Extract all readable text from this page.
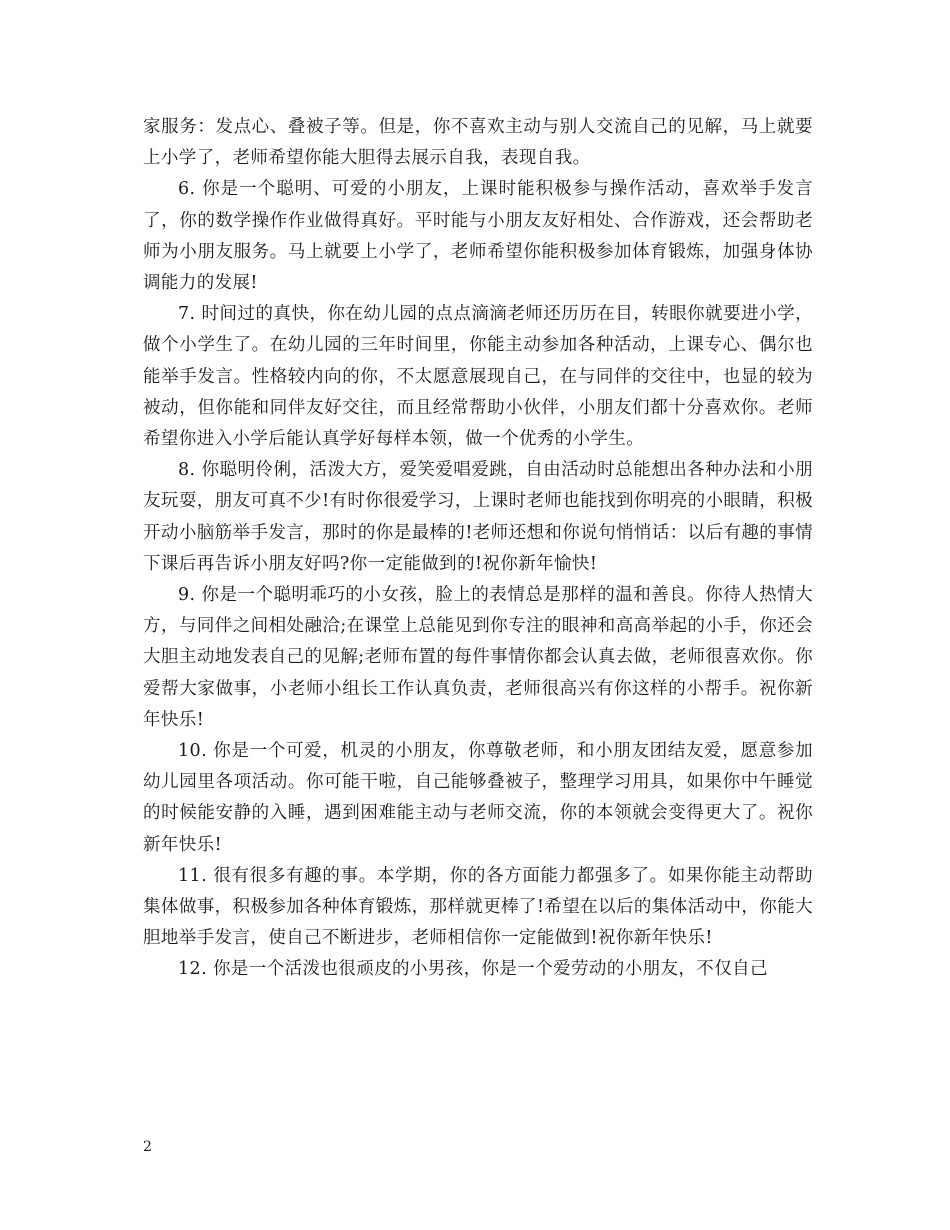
家服务：发点心、叠被子等。但是，你不喜欢主动与别人交流自己的见解，马上就要上小学了，老师希望你能大胆得去展示自我，表现自我。

6. 你是一个聪明、可爱的小朋友，上课时能积极参与操作活动，喜欢举手发言了，你的数学操作作业做得真好。平时能与小朋友友好相处、合作游戏，还会帮助老师为小朋友服务。马上就要上小学了，老师希望你能积极参加体育锻炼，加强身体协调能力的发展!

7. 时间过的真快，你在幼儿园的点点滴滴老师还历历在目，转眼你就要进小学，做个小学生了。在幼儿园的三年时间里，你能主动参加各种活动，上课专心、偶尔也能举手发言。性格较内向的你，不太愿意展现自己，在与同伴的交往中，也显的较为被动，但你能和同伴友好交往，而且经常帮助小伙伴，小朋友们都十分喜欢你。老师希望你进入小学后能认真学好每样本领，做一个优秀的小学生。

8. 你聪明伶俐，活泼大方，爱笑爱唱爱跳，自由活动时总能想出各种办法和小朋友玩耍，朋友可真不少!有时你很爱学习，上课时老师也能找到你明亮的小眼睛，积极开动小脑筋举手发言，那时的你是最棒的!老师还想和你说句悄悄话：以后有趣的事情下课后再告诉小朋友好吗?你一定能做到的!祝你新年愉快!

9. 你是一个聪明乖巧的小女孩，脸上的表情总是那样的温和善良。你待人热情大方，与同伴之间相处融洽;在课堂上总能见到你专注的眼神和高高举起的小手，你还会大胆主动地发表自己的见解;老师布置的每件事情你都会认真去做，老师很喜欢你。你爱帮大家做事，小老师小组长工作认真负责，老师很高兴有你这样的小帮手。祝你新年快乐!

10. 你是一个可爱，机灵的小朋友，你尊敬老师，和小朋友团结友爱，愿意参加幼儿园里各项活动。你可能干啦，自己能够叠被子，整理学习用具，如果你中午睡觉的时候能安静的入睡，遇到困难能主动与老师交流，你的本领就会变得更大了。祝你新年快乐!

11. 很有很多有趣的事。本学期，你的各方面能力都强多了。如果你能主动帮助集体做事，积极参加各种体育锻炼，那样就更棒了!希望在以后的集体活动中，你能大胆地举手发言，使自己不断进步，老师相信你一定能做到!祝你新年快乐!

12. 你是一个活泼也很顽皮的小男孩，你是一个爱劳动的小朋友，不仅自己

2
